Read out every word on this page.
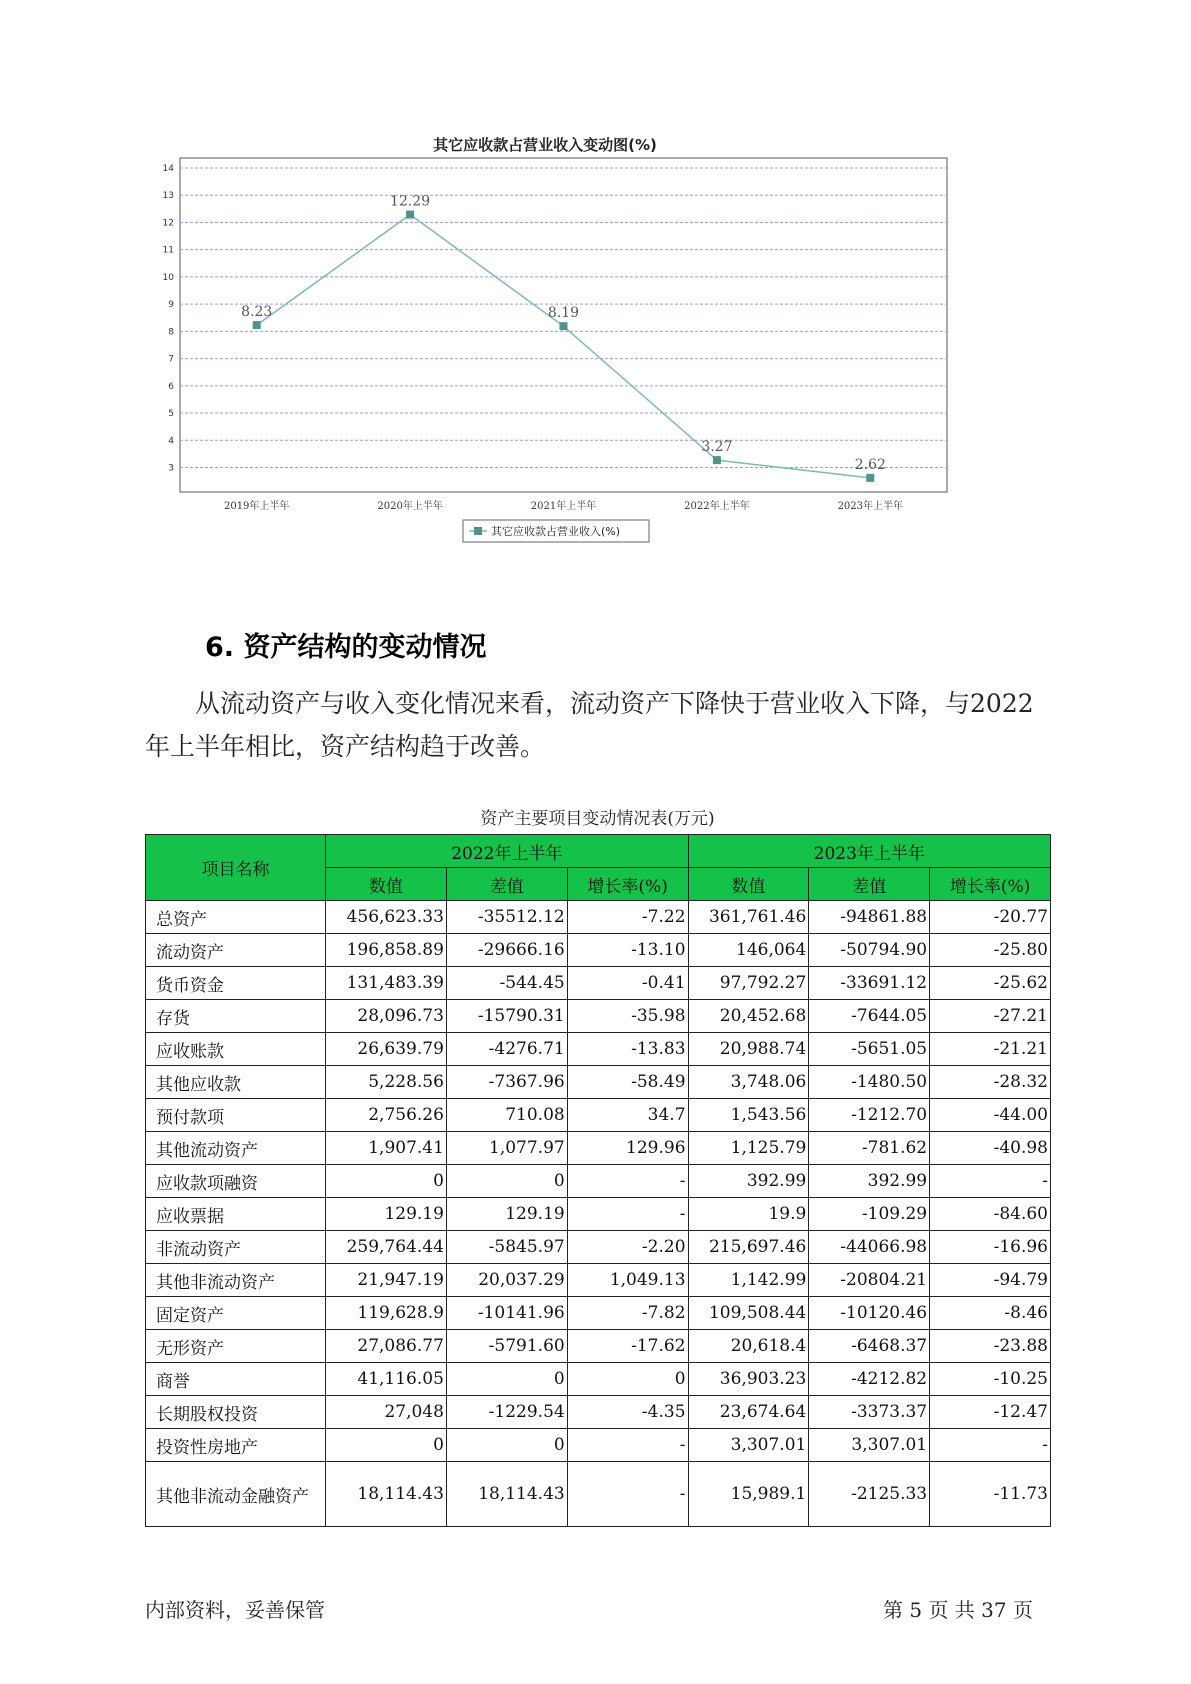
其它应收款占营业收入变动图(%)
3
4
5
6
7
8
9
10
11
12
13
14
2019年上半年	2020年上半年	2021年上半年	2022年上半年	2023年上半年
8.23
12.29
8.19
3.27
2.62
其它应收款占营业收入(%)
6. 资产结构的变动情况
从流动资产与收入变化情况来看，流动资产下降快于营业收入下降，与2022年上半年相比，资产结构趋于改善。
资产主要项目变动情况表(万元)
项目名称	2022年上半年			2023年上半年		
	数值	差值	增长率(%)	数值	差值	增长率(%)
总资产	456,623.33	-35512.12	-7.22	361,761.46	-94861.88	-20.77
流动资产	196,858.89	-29666.16	-13.10	146,064	-50794.90	-25.80
货币资金	131,483.39	-544.45	-0.41	97,792.27	-33691.12	-25.62
存货	28,096.73	-15790.31	-35.98	20,452.68	-7644.05	-27.21
应收账款	26,639.79	-4276.71	-13.83	20,988.74	-5651.05	-21.21
其他应收款	5,228.56	-7367.96	-58.49	3,748.06	-1480.50	-28.32
预付款项	2,756.26	710.08	34.7	1,543.56	-1212.70	-44.00
其他流动资产	1,907.41	1,077.97	129.96	1,125.79	-781.62	-40.98
应收款项融资	0	0	-	392.99	392.99	-
应收票据	129.19	129.19	-	19.9	-109.29	-84.60
非流动资产	259,764.44	-5845.97	-2.20	215,697.46	-44066.98	-16.96
其他非流动资产	21,947.19	20,037.29	1,049.13	1,142.99	-20804.21	-94.79
固定资产	119,628.9	-10141.96	-7.82	109,508.44	-10120.46	-8.46
无形资产	27,086.77	-5791.60	-17.62	20,618.4	-6468.37	-23.88
商誉	41,116.05	0	0	36,903.23	-4212.82	-10.25
长期股权投资	27,048	-1229.54	-4.35	23,674.64	-3373.37	-12.47
投资性房地产	0	0	-	3,307.01	3,307.01	-
其他非流动金融资产	18,114.43	18,114.43	-	15,989.1	-2125.33	-11.73
内部资料，妥善保管	第 5 页 共 37 页
